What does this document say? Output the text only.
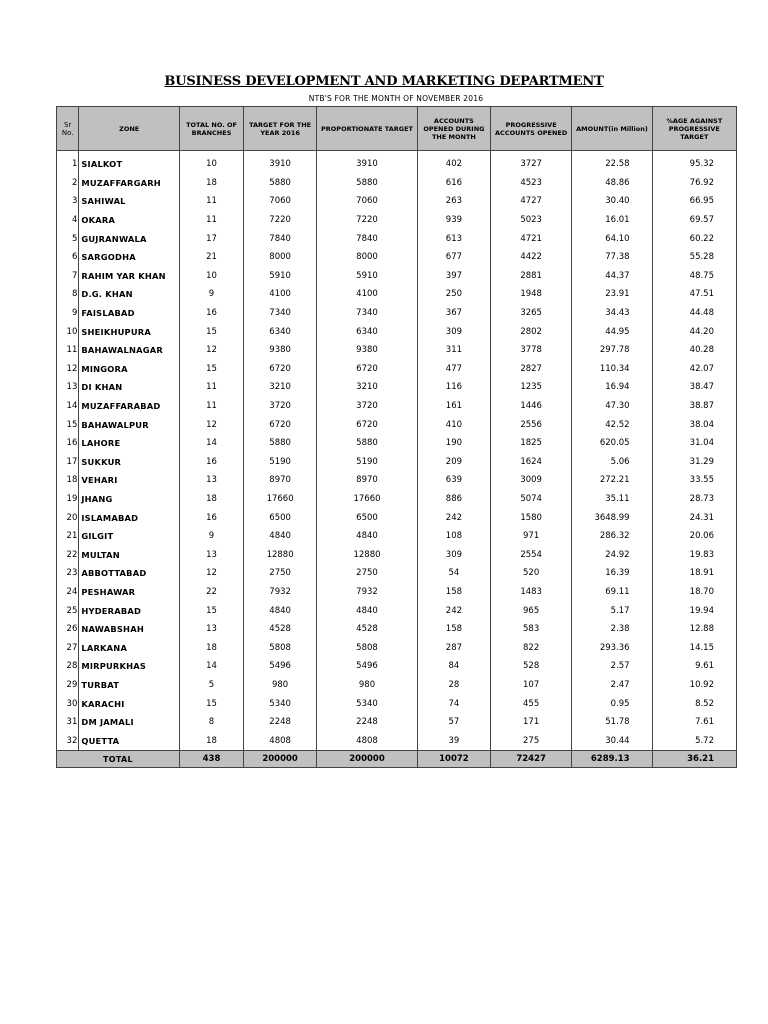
BUSINESS DEVELOPMENT AND MARKETING DEPARTMENT
NTB'S FOR THE MONTH OF NOVEMBER 2016
Sr No.	ZONE	TOTAL NO. OF BRANCHES	TARGET FOR THE YEAR 2016	PROPORTIONATE TARGET	ACCOUNTS OPENED DURING THE MONTH	PROGRESSIVE ACCOUNTS OPENED	AMOUNT(in Million)	%AGE AGAINST PROGRESSIVE TARGET
1	SIALKOT	10	3910	3910	402	3727	22.58	95.32
2	MUZAFFARGARH	18	5880	5880	616	4523	48.86	76.92
3	SAHIWAL	11	7060	7060	263	4727	30.40	66.95
4	OKARA	11	7220	7220	939	5023	16.01	69.57
5	GUJRANWALA	17	7840	7840	613	4721	64.10	60.22
6	SARGODHA	21	8000	8000	677	4422	77.38	55.28
7	RAHIM YAR KHAN	10	5910	5910	397	2881	44.37	48.75
8	D.G. KHAN	9	4100	4100	250	1948	23.91	47.51
9	FAISLABAD	16	7340	7340	367	3265	34.43	44.48
10	SHEIKHUPURA	15	6340	6340	309	2802	44.95	44.20
11	BAHAWALNAGAR	12	9380	9380	311	3778	297.78	40.28
12	MINGORA	15	6720	6720	477	2827	110.34	42.07
13	DI KHAN	11	3210	3210	116	1235	16.94	38.47
14	MUZAFFARABAD	11	3720	3720	161	1446	47.30	38.87
15	BAHAWALPUR	12	6720	6720	410	2556	42.52	38.04
16	LAHORE	14	5880	5880	190	1825	620.05	31.04
17	SUKKUR	16	5190	5190	209	1624	5.06	31.29
18	VEHARI	13	8970	8970	639	3009	272.21	33.55
19	JHANG	18	17660	17660	886	5074	35.11	28.73
20	ISLAMABAD	16	6500	6500	242	1580	3648.99	24.31
21	GILGIT	9	4840	4840	108	971	286.32	20.06
22	MULTAN	13	12880	12880	309	2554	24.92	19.83
23	ABBOTTABAD	12	2750	2750	54	520	16.39	18.91
24	PESHAWAR	22	7932	7932	158	1483	69.11	18.70
25	HYDERABAD	15	4840	4840	242	965	5.17	19.94
26	NAWABSHAH	13	4528	4528	158	583	2.38	12.88
27	LARKANA	18	5808	5808	287	822	293.36	14.15
28	MIRPURKHAS	14	5496	5496	84	528	2.57	9.61
29	TURBAT	5	980	980	28	107	2.47	10.92
30	KARACHI	15	5340	5340	74	455	0.95	8.52
31	DM JAMALI	8	2248	2248	57	171	51.78	7.61
32	QUETTA	18	4808	4808	39	275	30.44	5.72
TOTAL		438	200000	200000	10072	72427	6289.13	36.21
